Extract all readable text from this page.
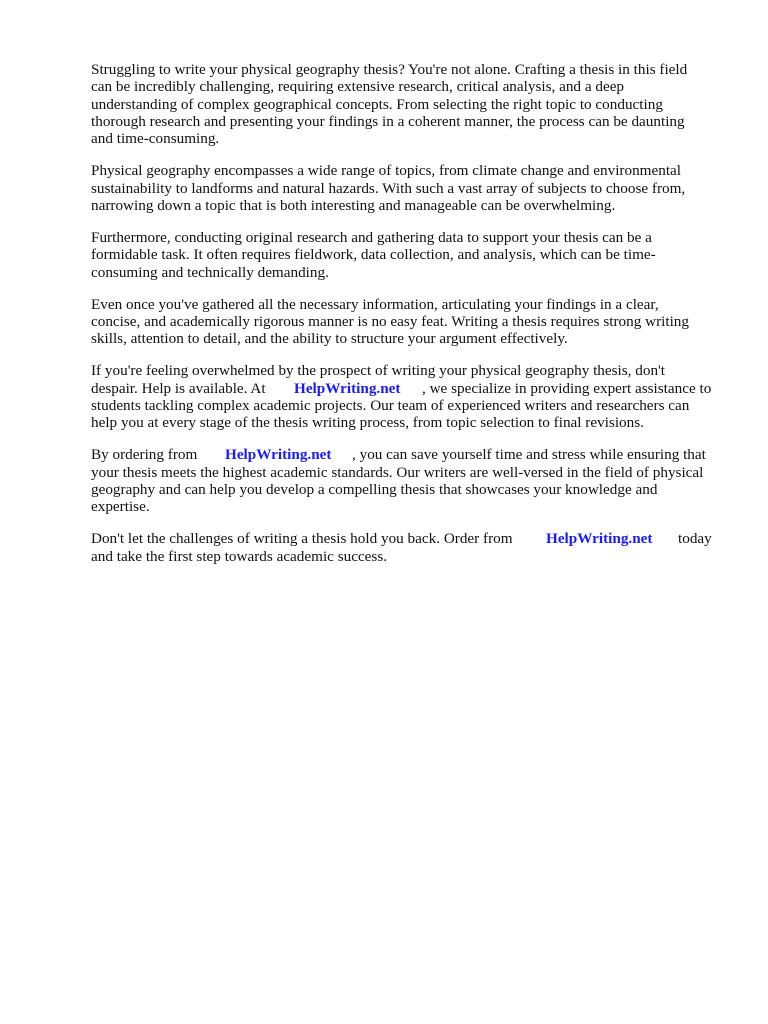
Struggling to write your physical geography thesis? You're not alone. Crafting a thesis in this field

can be incredibly challenging, requiring extensive research, critical analysis, and a deep

understanding of complex geographical concepts. From selecting the right topic to conducting

thorough research and presenting your findings in a coherent manner, the process can be daunting

and time-consuming.

Physical geography encompasses a wide range of topics, from climate change and environmental

sustainability to landforms and natural hazards. With such a vast array of subjects to choose from,

narrowing down a topic that is both interesting and manageable can be overwhelming.

Furthermore, conducting original research and gathering data to support your thesis can be a

formidable task. It often requires fieldwork, data collection, and analysis, which can be time-

consuming and technically demanding.

Even once you've gathered all the necessary information, articulating your findings in a clear,

concise, and academically rigorous manner is no easy feat. Writing a thesis requires strong writing

skills, attention to detail, and the ability to structure your argument effectively.

If you're feeling overwhelmed by the prospect of writing your physical geography thesis, don't

despair. Help is available. At HelpWriting.net , we specialize in providing expert assistance to

students tackling complex academic projects. Our team of experienced writers and researchers can

help you at every stage of the thesis writing process, from topic selection to final revisions.

By ordering from HelpWriting.net , you can save yourself time and stress while ensuring that

your thesis meets the highest academic standards. Our writers are well-versed in the field of physical

geography and can help you develop a compelling thesis that showcases your knowledge and

expertise.

Don't let the challenges of writing a thesis hold you back. Order from HelpWriting.net today

and take the first step towards academic success.
